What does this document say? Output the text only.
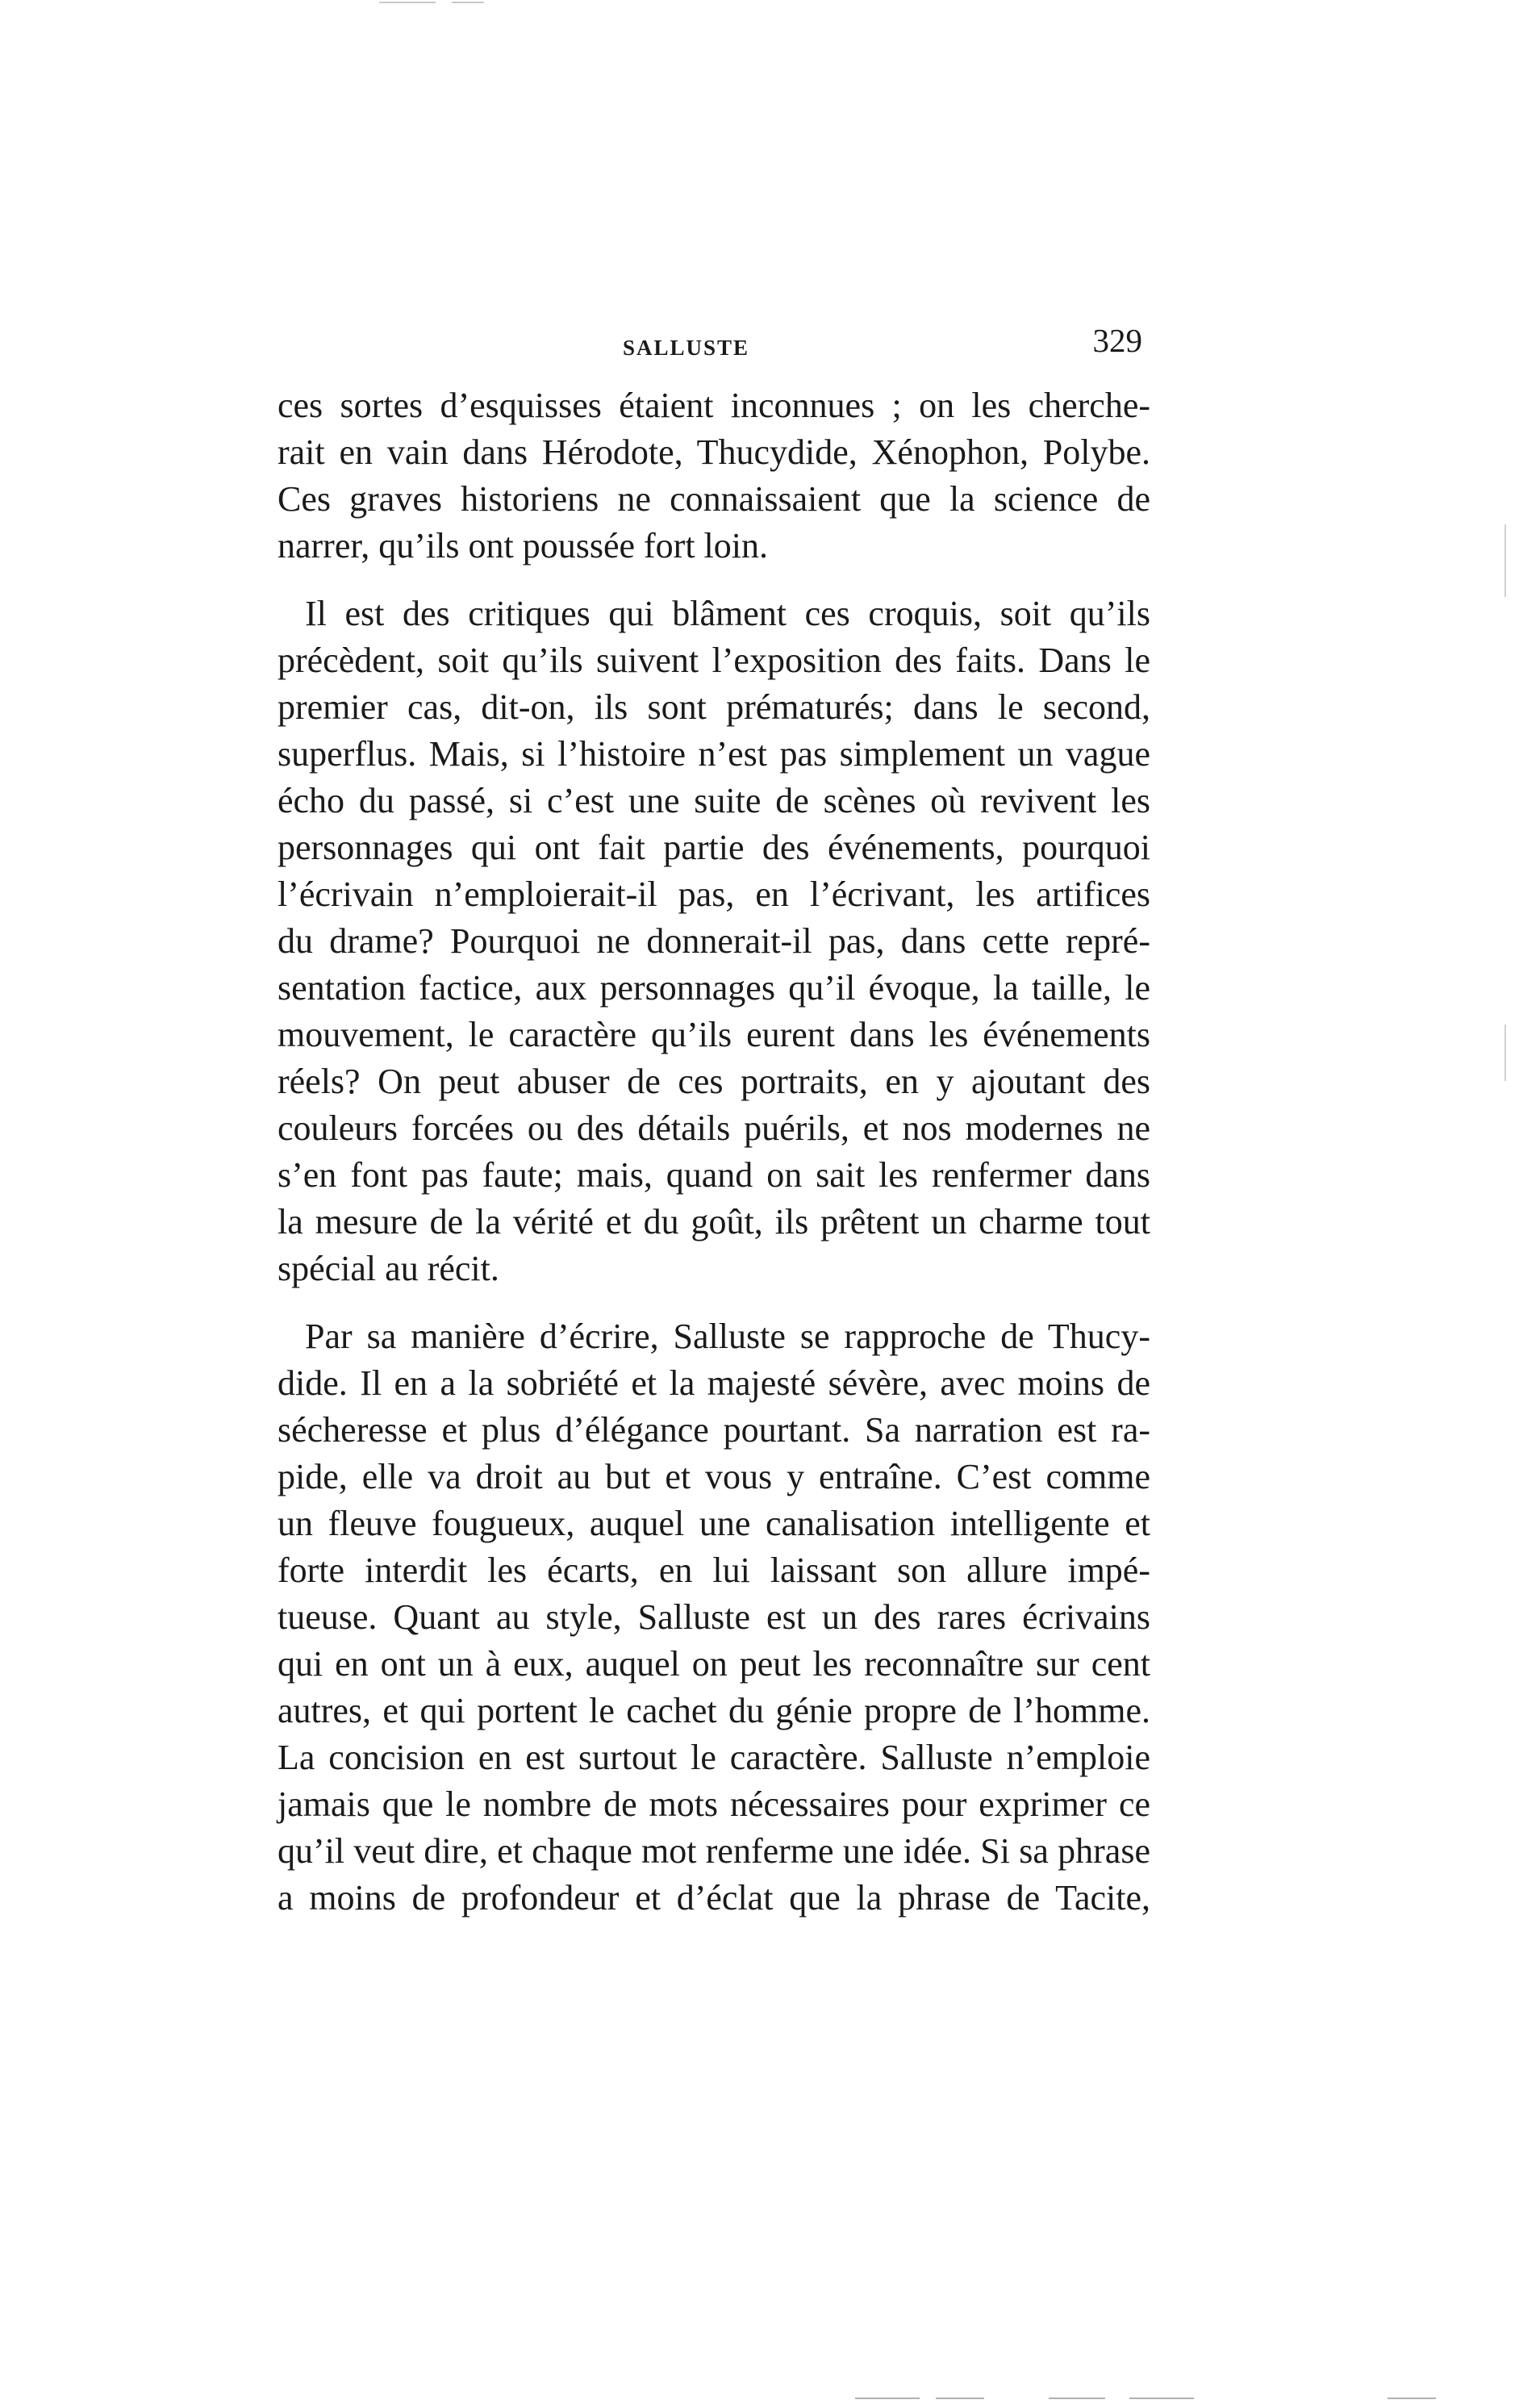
SALLUSTE	329
ces sortes d’esquisses étaient inconnues ; on les cherche-
rait en vain dans Hérodote, Thucydide, Xénophon, Polybe.
Ces graves historiens ne connaissaient que la science de
narrer, qu’ils ont poussée fort loin.
Il est des critiques qui blâment ces croquis, soit qu’ils
précèdent, soit qu’ils suivent l’exposition des faits. Dans le
premier cas, dit-on, ils sont prématurés; dans le second,
superflus. Mais, si l’histoire n’est pas simplement un vague
écho du passé, si c’est une suite de scènes où revivent les
personnages qui ont fait partie des événements, pourquoi
l’écrivain n’emploierait-il pas, en l’écrivant, les artifices
du drame? Pourquoi ne donnerait-il pas, dans cette repré-
sentation factice, aux personnages qu’il évoque, la taille, le
mouvement, le caractère qu’ils eurent dans les événements
réels? On peut abuser de ces portraits, en y ajoutant des
couleurs forcées ou des détails puérils, et nos modernes ne
s’en font pas faute; mais, quand on sait les renfermer dans
la mesure de la vérité et du goût, ils prêtent un charme tout
spécial au récit.
Par sa manière d’écrire, Salluste se rapproche de Thucy-
dide. Il en a la sobriété et la majesté sévère, avec moins de
sécheresse et plus d’élégance pourtant. Sa narration est ra-
pide, elle va droit au but et vous y entraîne. C’est comme
un fleuve fougueux, auquel une canalisation intelligente et
forte interdit les écarts, en lui laissant son allure impé-
tueuse. Quant au style, Salluste est un des rares écrivains
qui en ont un à eux, auquel on peut les reconnaître sur cent
autres, et qui portent le cachet du génie propre de l’homme.
La concision en est surtout le caractère. Salluste n’emploie
jamais que le nombre de mots nécessaires pour exprimer ce
qu’il veut dire, et chaque mot renferme une idée. Si sa phrase
a moins de profondeur et d’éclat que la phrase de Tacite,
